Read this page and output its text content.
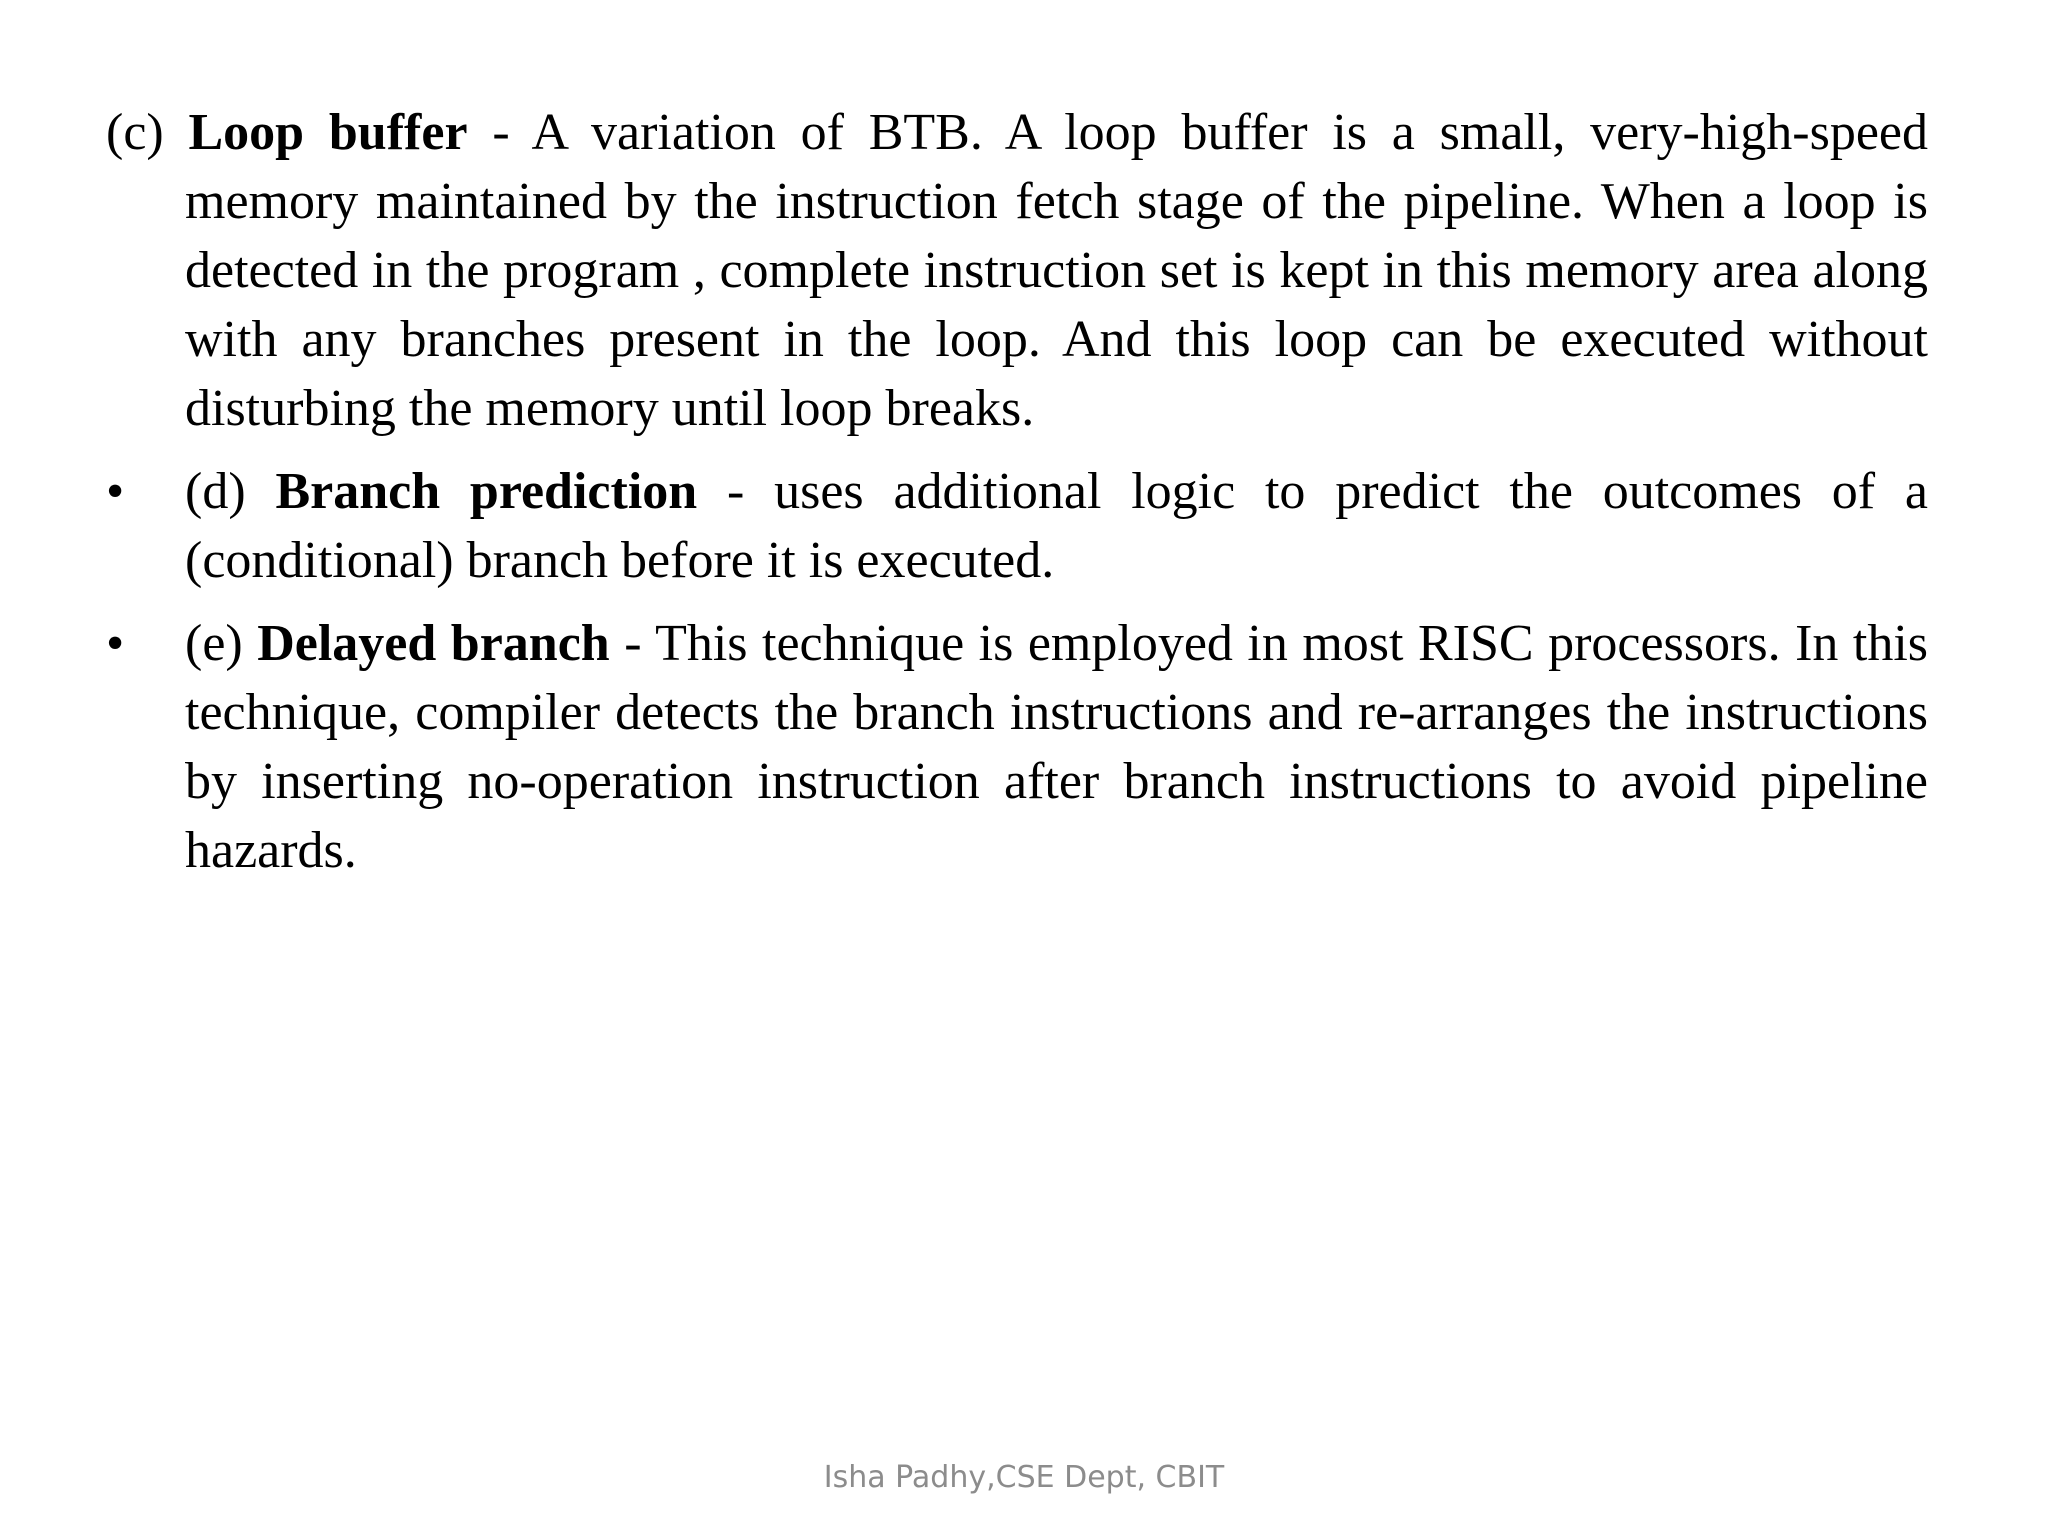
(c) Loop buffer - A variation of BTB. A loop buffer is a small, very-high-speed memory maintained by the instruction fetch stage of the pipeline. When a loop is detected in the program , complete instruction set is kept in this memory area along with any branches present in the loop. And this loop can be executed without disturbing the memory until loop breaks.

•	(d) Branch prediction - uses additional logic to predict the outcomes of a (conditional) branch before it is executed.

•	(e) Delayed branch - This technique is employed in most RISC processors. In this technique, compiler detects the branch instructions and re-arranges the instructions by inserting no-operation instruction after branch instructions to avoid pipeline hazards.

Isha Padhy,CSE Dept, CBIT
